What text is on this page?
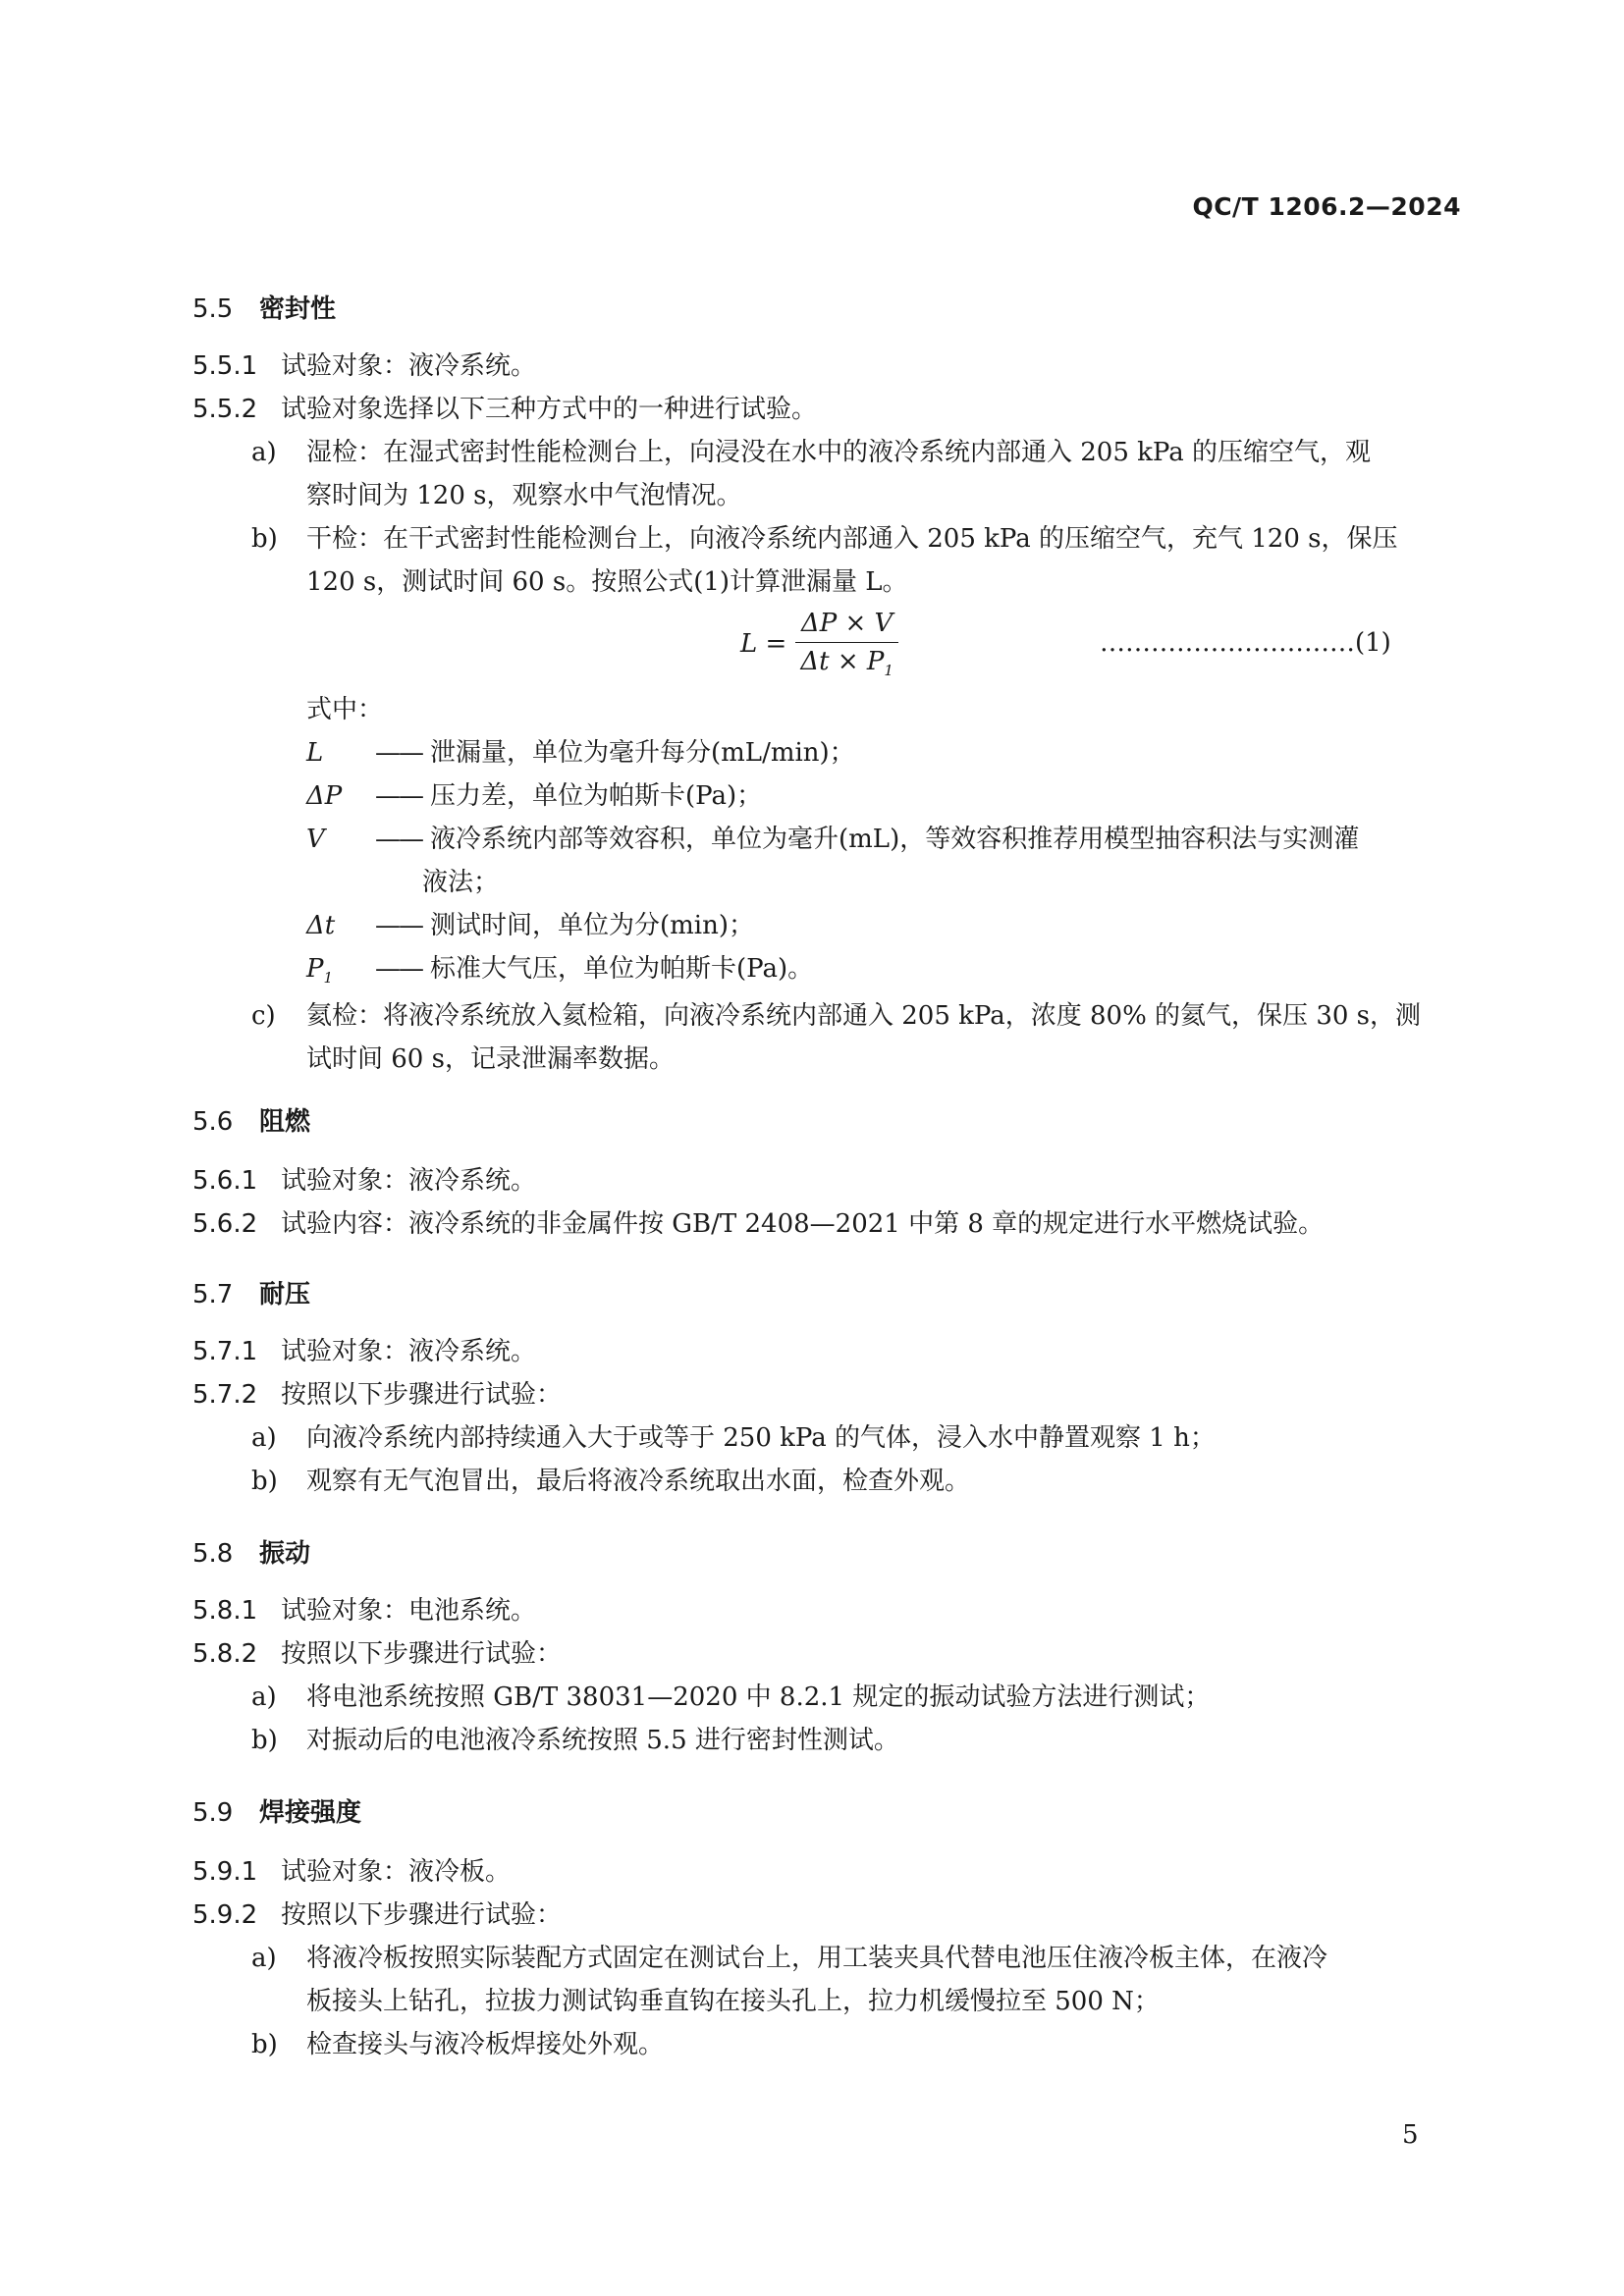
QC/T 1206.2—2024
5.5 密封性
5.5.1 试验对象：液冷系统。
5.5.2 试验对象选择以下三种方式中的一种进行试验。
a) 湿检：在湿式密封性能检测台上，向浸没在水中的液冷系统内部通入 205 kPa 的压缩空气，观
察时间为 120 s，观察水中气泡情况。
b) 干检：在干式密封性能检测台上，向液冷系统内部通入 205 kPa 的压缩空气，充气 120 s，保压
120 s，测试时间 60 s。按照公式(1)计算泄漏量 L。
$L = \frac{\Delta P \times V}{\Delta t \times P_1}$	…………………………(1)
式中：
L —— 泄漏量，单位为毫升每分(mL/min)；
ΔP —— 压力差，单位为帕斯卡(Pa)；
V —— 液冷系统内部等效容积，单位为毫升(mL)，等效容积推荐用模型抽容积法与实测灌
液法；
Δt —— 测试时间，单位为分(min)；
$P_1$ —— 标准大气压，单位为帕斯卡(Pa)。
c) 氦检：将液冷系统放入氦检箱，向液冷系统内部通入 205 kPa，浓度 80% 的氦气，保压 30 s，测
试时间 60 s，记录泄漏率数据。
5.6 阻燃
5.6.1 试验对象：液冷系统。
5.6.2 试验内容：液冷系统的非金属件按 GB/T 2408—2021 中第 8 章的规定进行水平燃烧试验。
5.7 耐压
5.7.1 试验对象：液冷系统。
5.7.2 按照以下步骤进行试验：
a) 向液冷系统内部持续通入大于或等于 250 kPa 的气体，浸入水中静置观察 1 h；
b) 观察有无气泡冒出，最后将液冷系统取出水面，检查外观。
5.8 振动
5.8.1 试验对象：电池系统。
5.8.2 按照以下步骤进行试验：
a) 将电池系统按照 GB/T 38031—2020 中 8.2.1 规定的振动试验方法进行测试；
b) 对振动后的电池液冷系统按照 5.5 进行密封性测试。
5.9 焊接强度
5.9.1 试验对象：液冷板。
5.9.2 按照以下步骤进行试验：
a) 将液冷板按照实际装配方式固定在测试台上，用工装夹具代替电池压住液冷板主体，在液冷
板接头上钻孔，拉拔力测试钩垂直钩在接头孔上，拉力机缓慢拉至 500 N；
b) 检查接头与液冷板焊接处外观。
5
